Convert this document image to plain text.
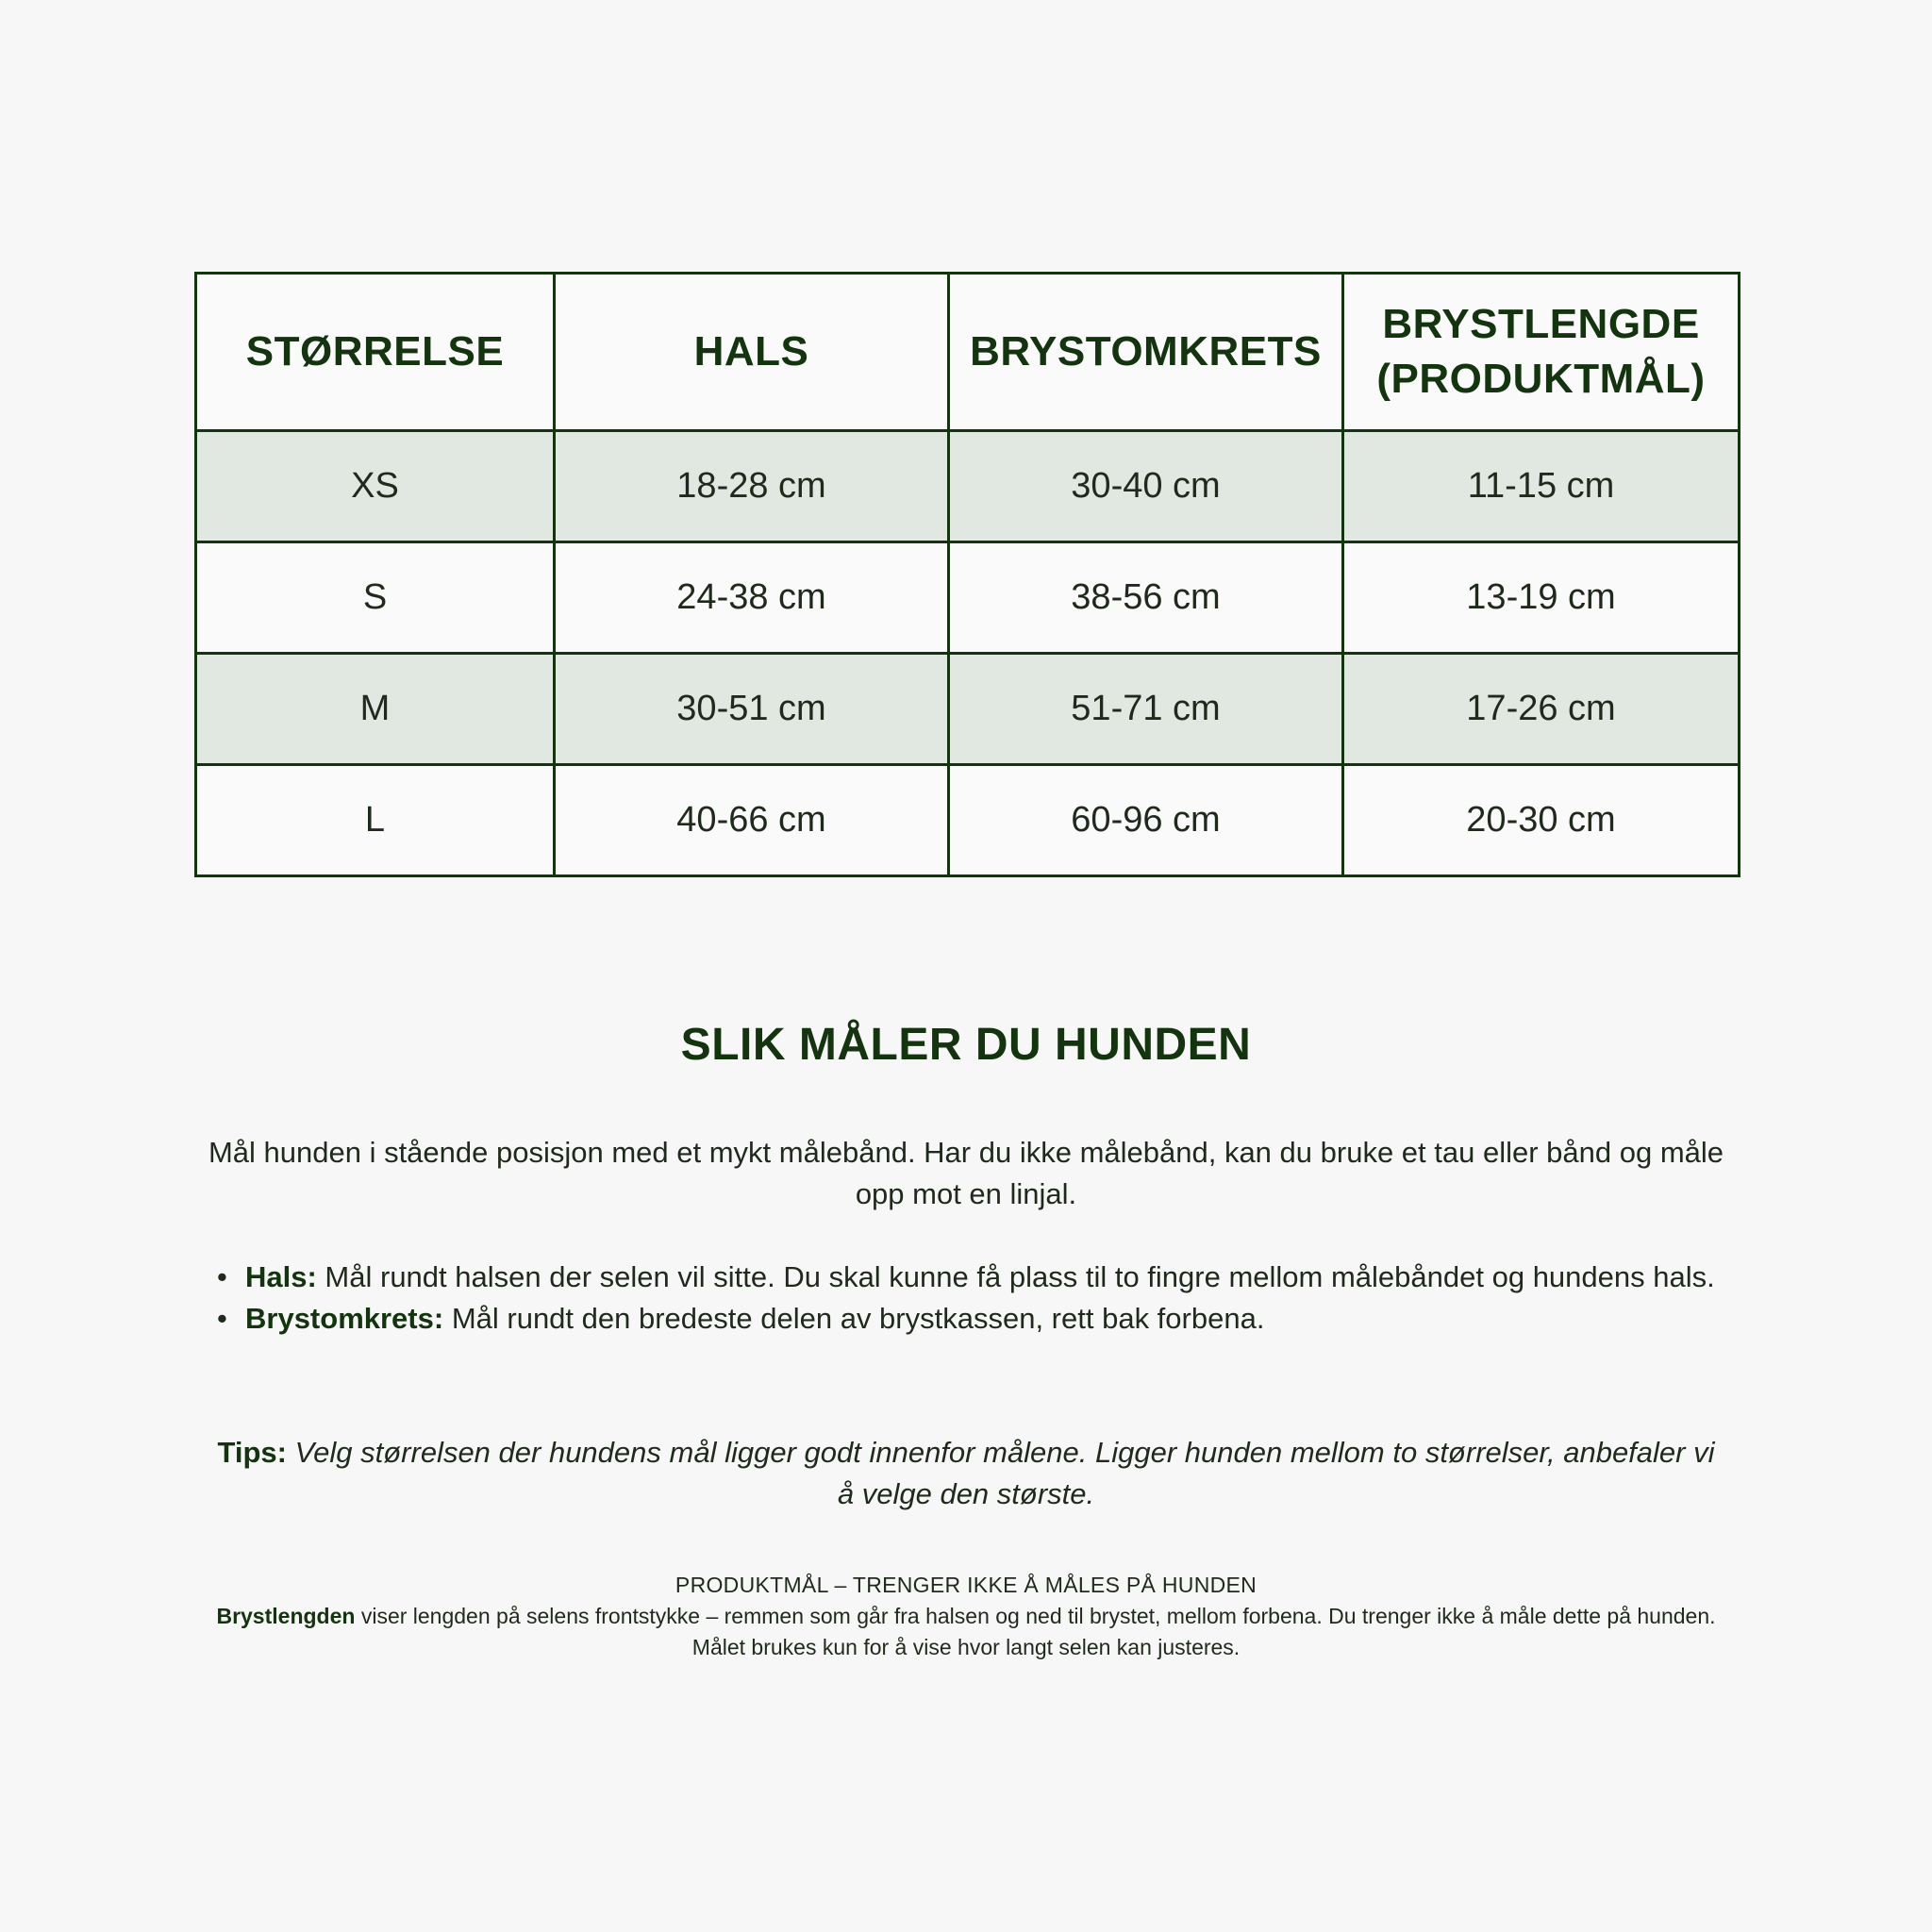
STØRRELSE	HALS	BRYSTOMKRETS	BRYSTLENGDE
(PRODUKTMÅL)
XS	18-28 cm	30-40 cm	11-15 cm
S	24-38 cm	38-56 cm	13-19 cm
M	30-51 cm	51-71 cm	17-26 cm
L	40-66 cm	60-96 cm	20-30 cm
SLIK MÅLER DU HUNDEN

Mål hunden i stående posisjon med et mykt målebånd. Har du ikke målebånd, kan du bruke et tau eller bånd og måle opp mot en linjal.

• Hals: Mål rundt halsen der selen vil sitte. Du skal kunne få plass til to fingre mellom målebåndet og hundens hals.
• Brystomkrets: Mål rundt den bredeste delen av brystkassen, rett bak forbena.

Tips: Velg størrelsen der hundens mål ligger godt innenfor målene. Ligger hunden mellom to størrelser, anbefaler vi å velge den største.

PRODUKTMÅL – TRENGER IKKE Å MÅLES PÅ HUNDEN

Brystlengden viser lengden på selens frontstykke – remmen som går fra halsen og ned til brystet, mellom forbena. Du trenger ikke å måle dette på hunden. Målet brukes kun for å vise hvor langt selen kan justeres.
